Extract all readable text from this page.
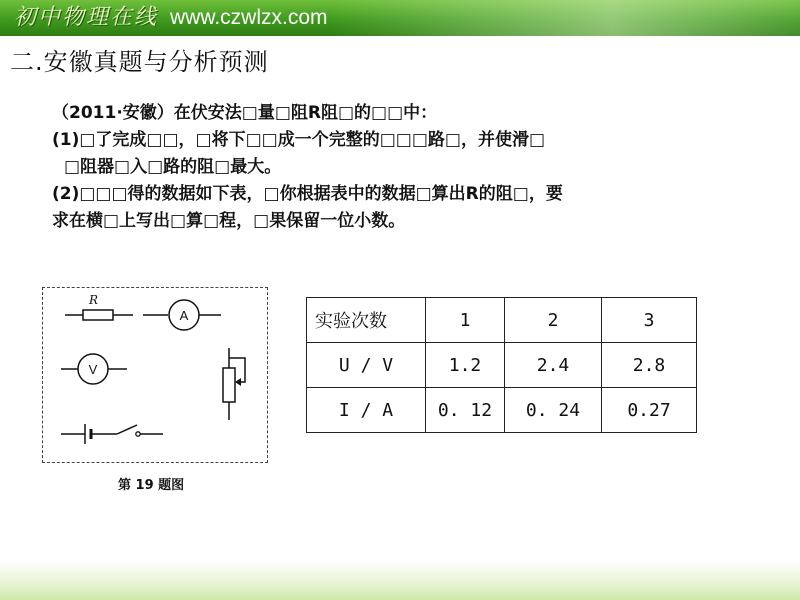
初中物理在线 www.czwlzx.com
二.安徽真题与分析预测
（2011·安徽）在伏安法□量□阻R阻□的□□中：
(1)□了完成□□，□将下□□成一个完整的□□□路□，并使滑□
□阻器□入□路的阻□最大。
(2)□□□得的数据如下表，□你根据表中的数据□算出R的阻□，要
求在横□上写出□算□程，□果保留一位小数。
R
A
V
第 19 题图
实验次数	1	2	3
U / V	1.2	2.4	2.8
I / A	0. 12	0. 24	0.27
